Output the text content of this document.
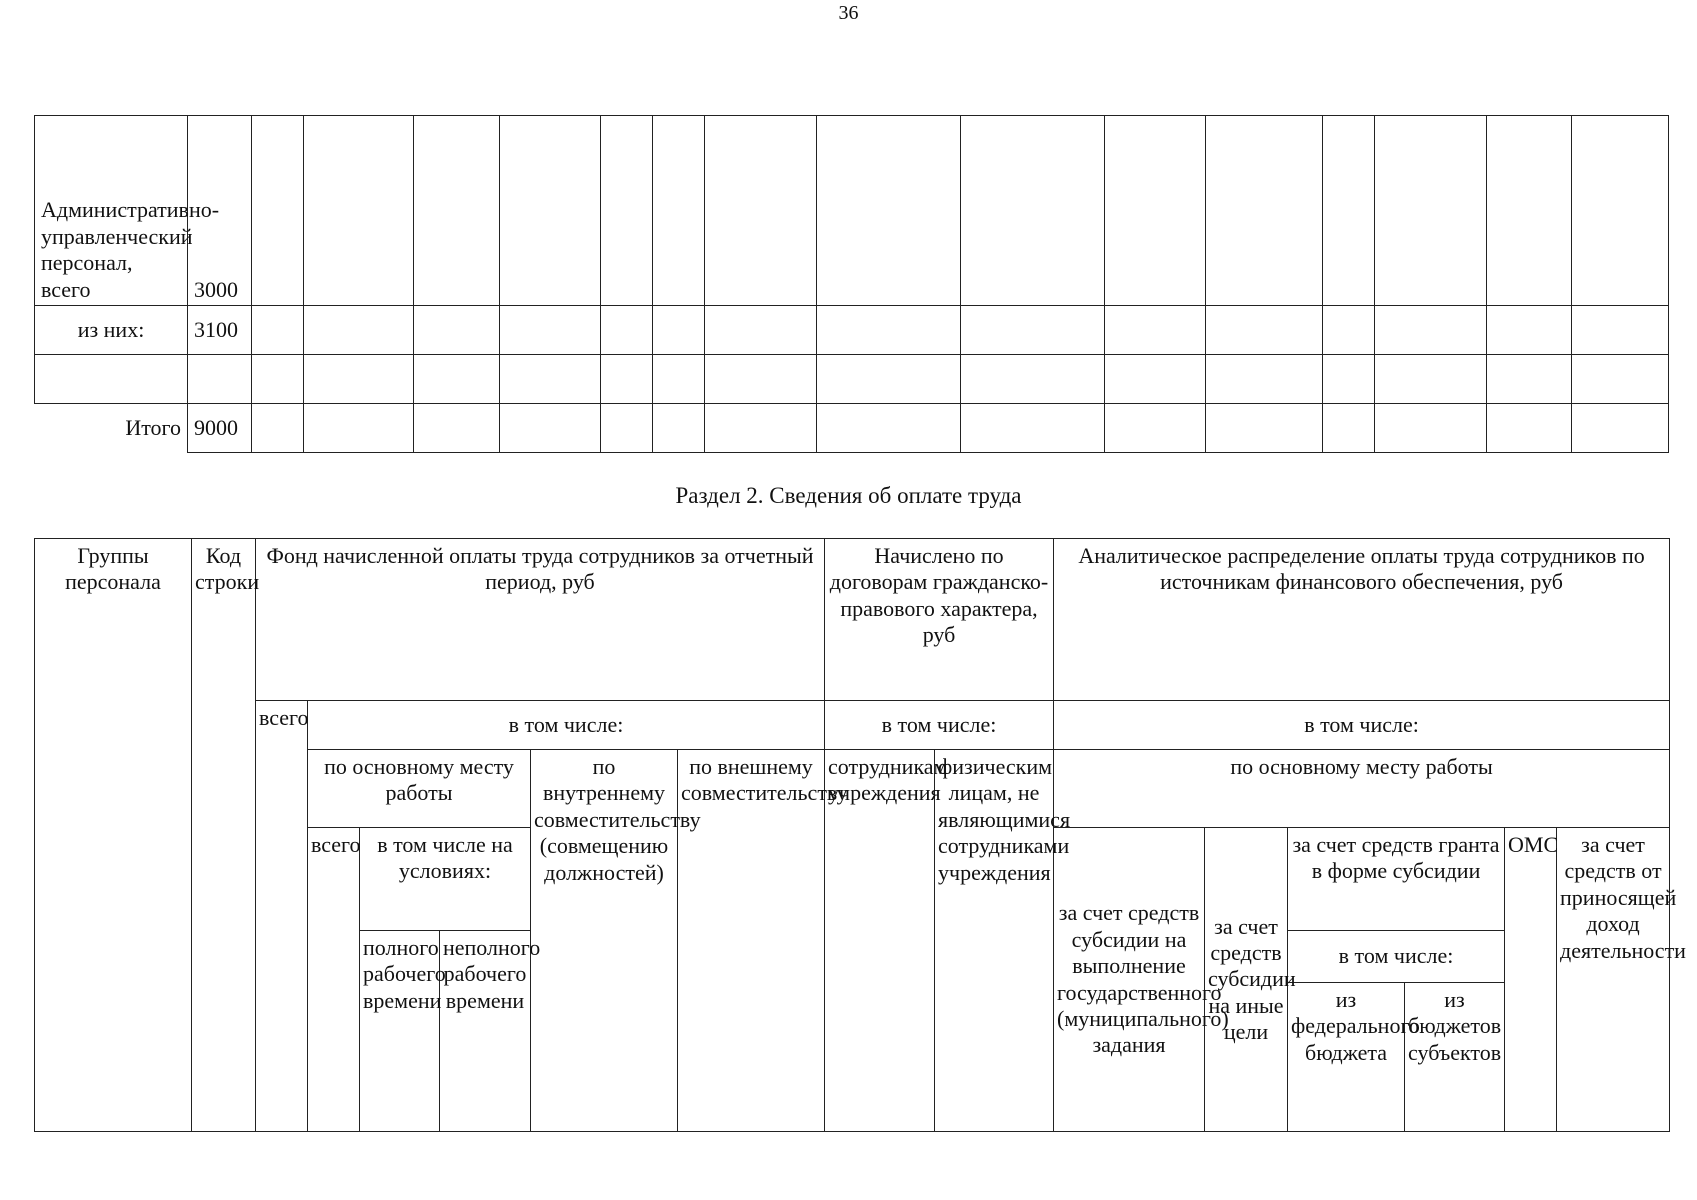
36
Административно-управленческий персонал, всего	3000															
из них:	3100															

Итого	9000															
Раздел 2. Сведения об оплате труда
Группы персонала	Код строки	Фонд начисленной оплаты труда сотрудников за отчетный период, руб						Начислено по договорам гражданско-правового характера, руб		Аналитическое распределение оплаты труда сотрудников по источникам финансового обеспечения, руб					
		всего	в том числе:					в том числе:		в том числе:					
			по основному месту работы			по внутреннему совместительству (совмещению должностей)	по внешнему совместительству	сотрудникам учреждения	физическим лицам, не являющимися сотрудниками учреждения	по основному месту работы					
			всего	в том числе на условиях:						за счет средств субсидии на выполнение государственного (муниципального) задания	за счет средств субсидии на иные цели	за счет средств гранта в форме субсидии		ОМС	за счет средств от приносящей доход деятельности
				полного рабочего времени	неполного рабочего времени							в том числе:			
												из федерального бюджета	из бюджетов субъектов		
